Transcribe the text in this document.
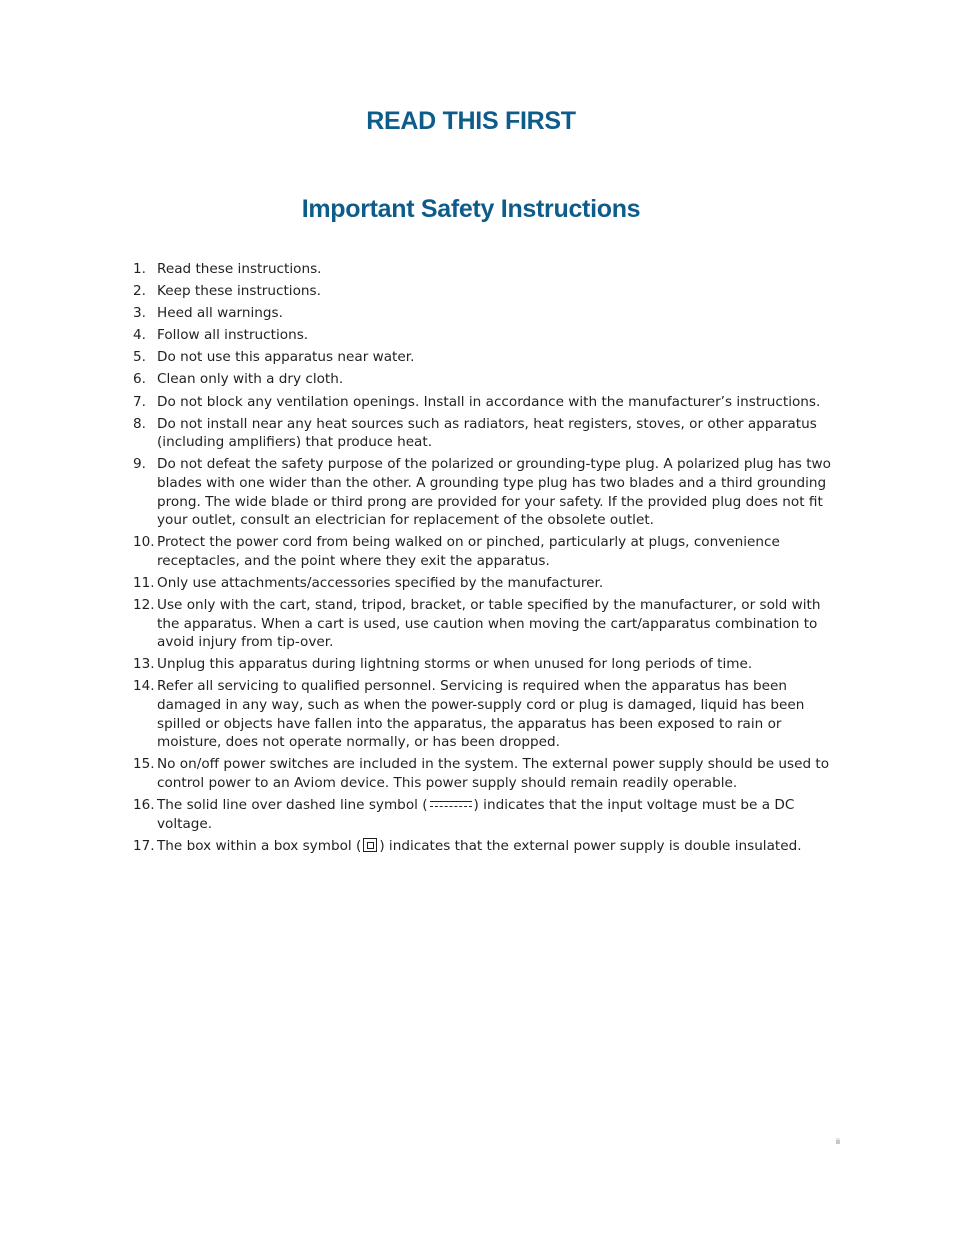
READ THIS FIRST
Important Safety Instructions
1. Read these instructions.
2. Keep these instructions.
3. Heed all warnings.
4. Follow all instructions.
5. Do not use this apparatus near water.
6. Clean only with a dry cloth.
7. Do not block any ventilation openings. Install in accordance with the manufacturer’s instructions.
8. Do not install near any heat sources such as radiators, heat registers, stoves, or other apparatus (including amplifiers) that produce heat.
9. Do not defeat the safety purpose of the polarized or grounding-type plug. A polarized plug has two blades with one wider than the other. A grounding type plug has two blades and a third grounding prong. The wide blade or third prong are provided for your safety. If the provided plug does not fit your outlet, consult an electrician for replacement of the obsolete outlet.
10. Protect the power cord from being walked on or pinched, particularly at plugs, convenience receptacles, and the point where they exit the apparatus.
11. Only use attachments/accessories specified by the manufacturer.
12. Use only with the cart, stand, tripod, bracket, or table specified by the manufacturer, or sold with the apparatus. When a cart is used, use caution when moving the cart/apparatus combination to avoid injury from tip-over.
13. Unplug this apparatus during lightning storms or when unused for long periods of time.
14. Refer all servicing to qualified personnel. Servicing is required when the apparatus has been damaged in any way, such as when the power-supply cord or plug is damaged, liquid has been spilled or objects have fallen into the apparatus, the apparatus has been exposed to rain or moisture, does not operate normally, or has been dropped.
15. No on/off power switches are included in the system. The external power supply should be used to control power to an Aviom device. This power supply should remain readily operable.
16. The solid line over dashed line symbol (	) indicates that the input voltage must be a DC voltage.
17. The box within a box symbol ( ) indicates that the external power supply is double insulated.
ii
